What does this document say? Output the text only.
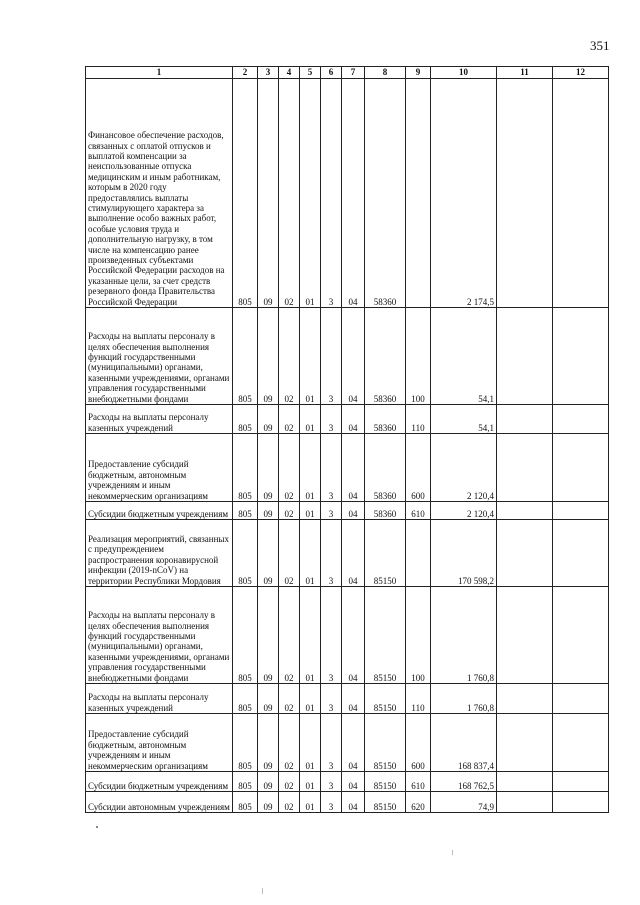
351
1	2	3	4	5	6	7	8	9	10	11	12
Финансовое обеспечение расходов, связанных с оплатой отпусков и выплатой компенсации за неиспользованные отпуска медицинским и иным работникам, которым в 2020 году предоставлялись выплаты стимулирующего характера за выполнение особо важных работ, особые условия труда и дополнительную нагрузку, в том числе на компенсацию ранее произведенных субъектами Российской Федерации расходов на указанные цели, за счет средств резервного фонда Правительства Российской Федерации	805	09	02	01	3	04	58360		2 174,5		
Расходы на выплаты персоналу в целях обеспечения выполнения функций государственными (муниципальными) органами, казенными учреждениями, органами управления государственными внебюджетными фондами	805	09	02	01	3	04	58360	100	54,1		
Расходы на выплаты персоналу казенных учреждений	805	09	02	01	3	04	58360	110	54,1		
Предоставление субсидий бюджетным, автономным учреждениям и иным некоммерческим организациям	805	09	02	01	3	04	58360	600	2 120,4		
Субсидии бюджетным учреждениям	805	09	02	01	3	04	58360	610	2 120,4		
Реализация мероприятий, связанных с предупреждением распространения коронавирусной инфекции (2019-nCoV) на территории Республики Мордовия	805	09	02	01	3	04	85150		170 598,2		
Расходы на выплаты персоналу в целях обеспечения выполнения функций государственными (муниципальными) органами, казенными учреждениями, органами управления государственными внебюджетными фондами	805	09	02	01	3	04	85150	100	1 760,8		
Расходы на выплаты персоналу казенных учреждений	805	09	02	01	3	04	85150	110	1 760,8		
Предоставление субсидий бюджетным, автономным учреждениям и иным некоммерческим организациям	805	09	02	01	3	04	85150	600	168 837,4		
Субсидии бюджетным учреждениям	805	09	02	01	3	04	85150	610	168 762,5		
Субсидии автономным учреждениям	805	09	02	01	3	04	85150	620	74,9		
